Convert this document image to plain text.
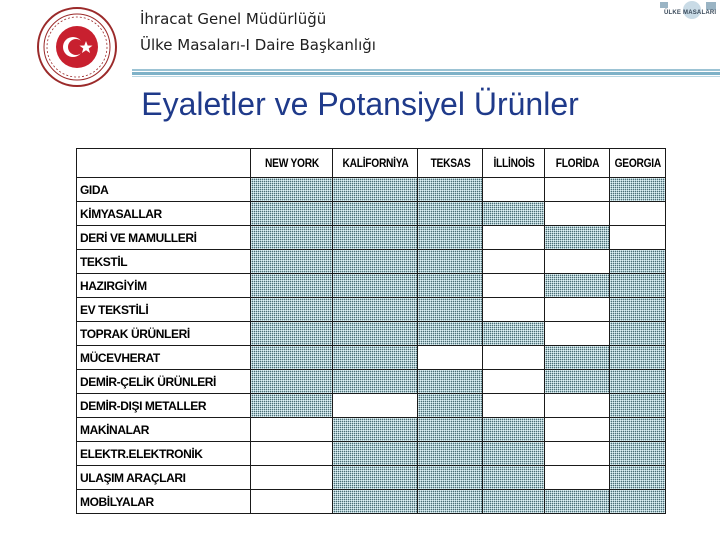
İhracat Genel Müdürlüğü
Ülke Masaları-I Daire Başkanlığı
ÜLKE MASALARI
Eyaletler ve Potansiyel Ürünler
	NEW YORK	KALİFORNİYA	TEKSAS	İLLİNOİS	FLORİDA	GEORGIA
GIDA						
KİMYASALLAR						
DERİ VE MAMULLERİ						
TEKSTİL						
HAZIRGİYİM						
EV TEKSTİLİ						
TOPRAK ÜRÜNLERİ						
MÜCEVHERAT						
DEMİR-ÇELİK ÜRÜNLERİ						
DEMİR-DIŞI METALLER						
MAKİNALAR						
ELEKTR.ELEKTRONİK						
ULAŞIM ARAÇLARI						
MOBİLYALAR						
